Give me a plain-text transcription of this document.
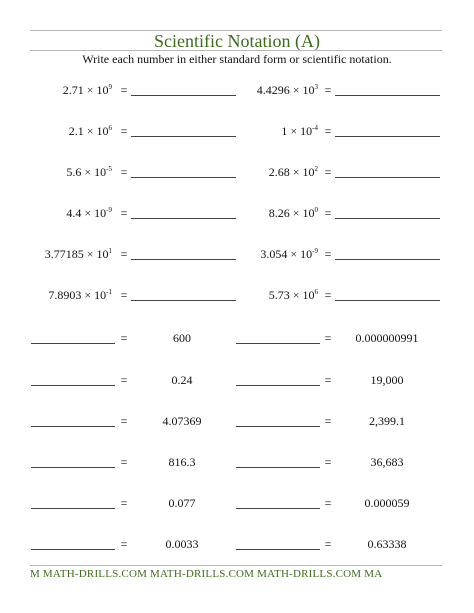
Scientific Notation (A)
Write each number in either standard form or scientific notation.
$2.71 \times 10^9$ =	$4.4296 \times 10^3$ =
$2.1 \times 10^6$ =	$1 \times 10^{-4}$ =
$5.6 \times 10^{-5}$ =	$2.68 \times 10^2$ =
$4.4 \times 10^{-9}$ =	$8.26 \times 10^0$ =
$3.77185 \times 10^1$ =	$3.054 \times 10^{-9}$ =
$7.8903 \times 10^{-1}$ =	$5.73 \times 10^6$ =
=	600	=	0.000000991
=	0.24	=	19,000
=	4.07369	=	2,399.1
=	816.3	=	36,683
=	0.077	=	0.000059
=	0.0033	=	0.63338
M MATH-DRILLS.COM MATH-DRILLS.COM MATH-DRILLS.COM MA
